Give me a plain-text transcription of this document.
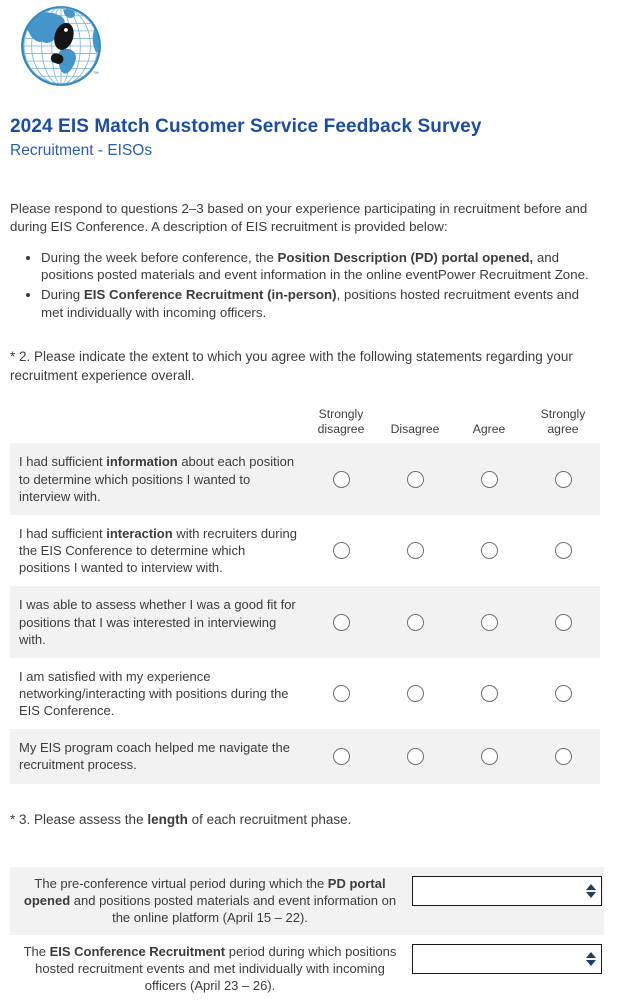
™
2024 EIS Match Customer Service Feedback Survey
Recruitment - EISOs

Please respond to questions 2–3 based on your experience participating in recruitment before and during EIS Conference. A description of EIS recruitment is provided below:

• During the week before conference, the Position Description (PD) portal opened, and positions posted materials and event information in the online eventPower Recruitment Zone.
• During EIS Conference Recruitment (in-person), positions hosted recruitment events and met individually with incoming officers.

* 2. Please indicate the extent to which you agree with the following statements regarding your recruitment experience overall.

Strongly disagree	Disagree	Agree
Strongly agree
I had sufficient information about each position to determine which positions I wanted to interview with.
I had sufficient interaction with recruiters during the EIS Conference to determine which positions I wanted to interview with.
I was able to assess whether I was a good fit for positions that I was interested in interviewing with.
I am satisfied with my experience networking/interacting with positions during the EIS Conference.
My EIS program coach helped me navigate the recruitment process.

* 3. Please assess the length of each recruitment phase.

The pre-conference virtual period during which the PD portal opened and positions posted materials and event information on the online platform (April 15 – 22).
The EIS Conference Recruitment period during which positions hosted recruitment events and met individually with incoming officers (April 23 – 26).
